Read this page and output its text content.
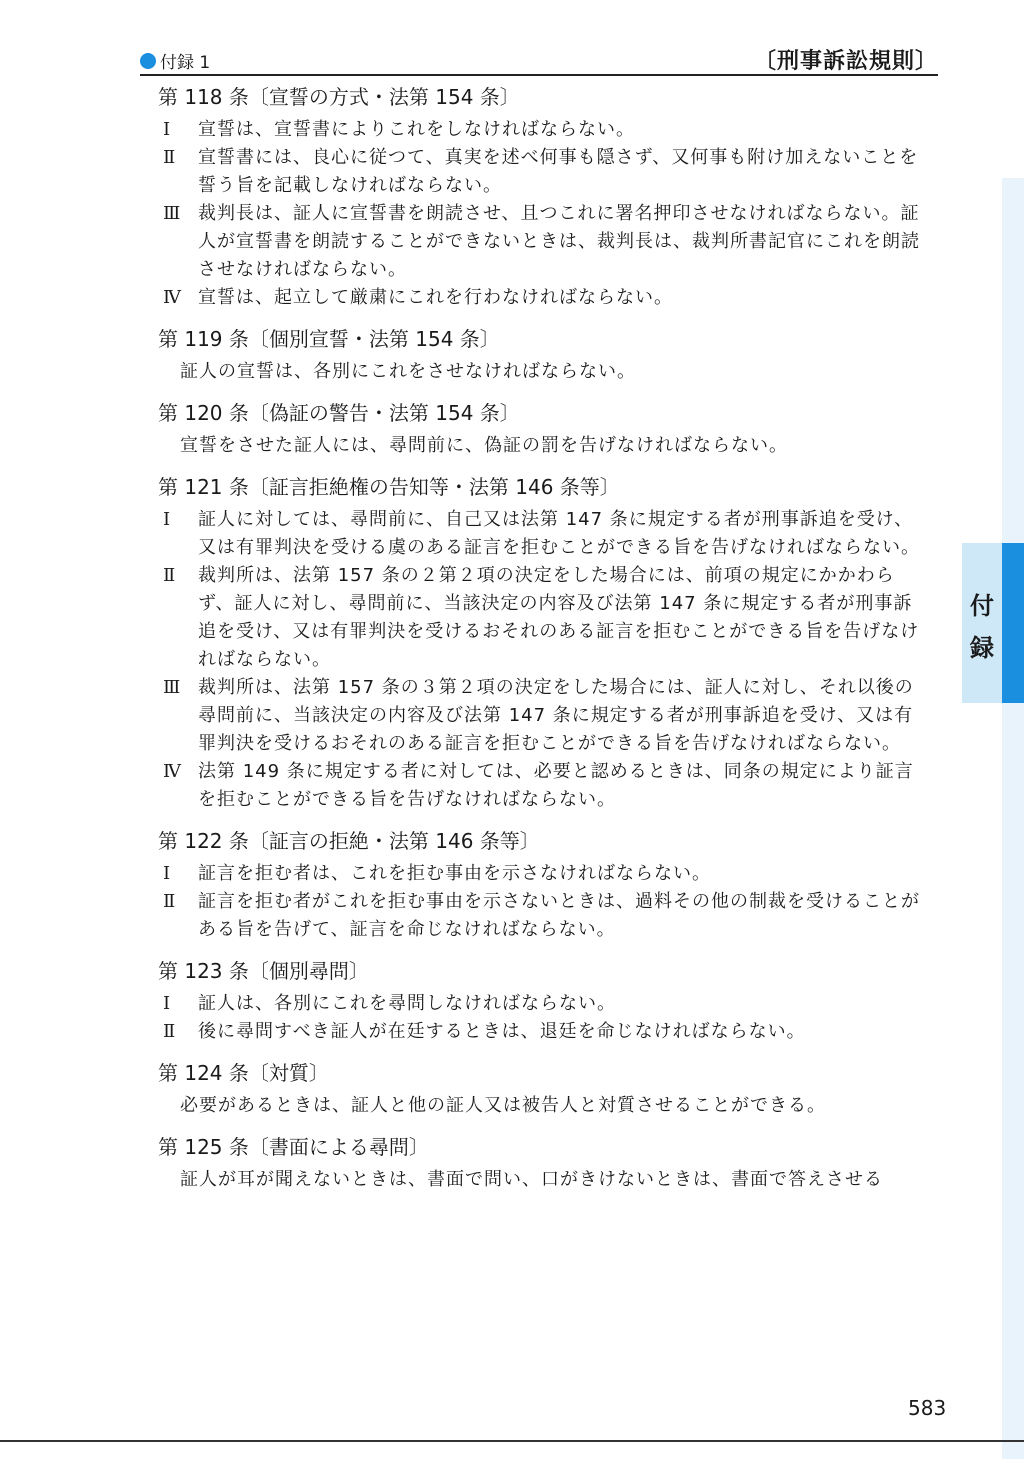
付録 1	〔刑事訴訟規則〕
付
録
第 118 条〔宣誓の方式・法第 154 条〕
Ⅰ	宣誓は、宣誓書によりこれをしなければならない。
Ⅱ	宣誓書には、良心に従つて、真実を述べ何事も隠さず、又何事も附け加えないことを誓う旨を記載しなければならない。
Ⅲ 裁判長は、証人に宣誓書を朗読させ、且つこれに署名押印させなければならない。証人が宣誓書を朗読することができないときは、裁判長は、裁判所書記官にこれを朗読させなければならない。
Ⅳ 宣誓は、起立して厳粛にこれを行わなければならない。
第 119 条〔個別宣誓・法第 154 条〕
証人の宣誓は、各別にこれをさせなければならない。
第 120 条〔偽証の警告・法第 154 条〕
宣誓をさせた証人には、尋問前に、偽証の罰を告げなければならない。
第 121 条〔証言拒絶権の告知等・法第 146 条等〕
Ⅰ	証人に対しては、尋問前に、自己又は法第 147 条に規定する者が刑事訴追を受け、又は有罪判決を受ける虞のある証言を拒むことができる旨を告げなければならない。
Ⅱ	裁判所は、法第 157 条の２第２項の決定をした場合には、前項の規定にかかわらず、証人に対し、尋問前に、当該決定の内容及び法第 147 条に規定する者が刑事訴追を受け、又は有罪判決を受けるおそれのある証言を拒むことができる旨を告げなければならない。
Ⅲ 裁判所は、法第 157 条の３第２項の決定をした場合には、証人に対し、それ以後の尋問前に、当該決定の内容及び法第 147 条に規定する者が刑事訴追を受け、又は有罪判決を受けるおそれのある証言を拒むことができる旨を告げなければならない。
Ⅳ 法第 149 条に規定する者に対しては、必要と認めるときは、同条の規定により証言を拒むことができる旨を告げなければならない。
第 122 条〔証言の拒絶・法第 146 条等〕
Ⅰ	証言を拒む者は、これを拒む事由を示さなければならない。
Ⅱ	証言を拒む者がこれを拒む事由を示さないときは、過料その他の制裁を受けることがある旨を告げて、証言を命じなければならない。
第 123 条〔個別尋問〕
Ⅰ	証人は、各別にこれを尋問しなければならない。
Ⅱ	後に尋問すべき証人が在廷するときは、退廷を命じなければならない。
第 124 条〔対質〕
必要があるときは、証人と他の証人又は被告人と対質させることができる。
第 125 条〔書面による尋問〕
証人が耳が聞えないときは、書面で問い、口がきけないときは、書面で答えさせる
583
